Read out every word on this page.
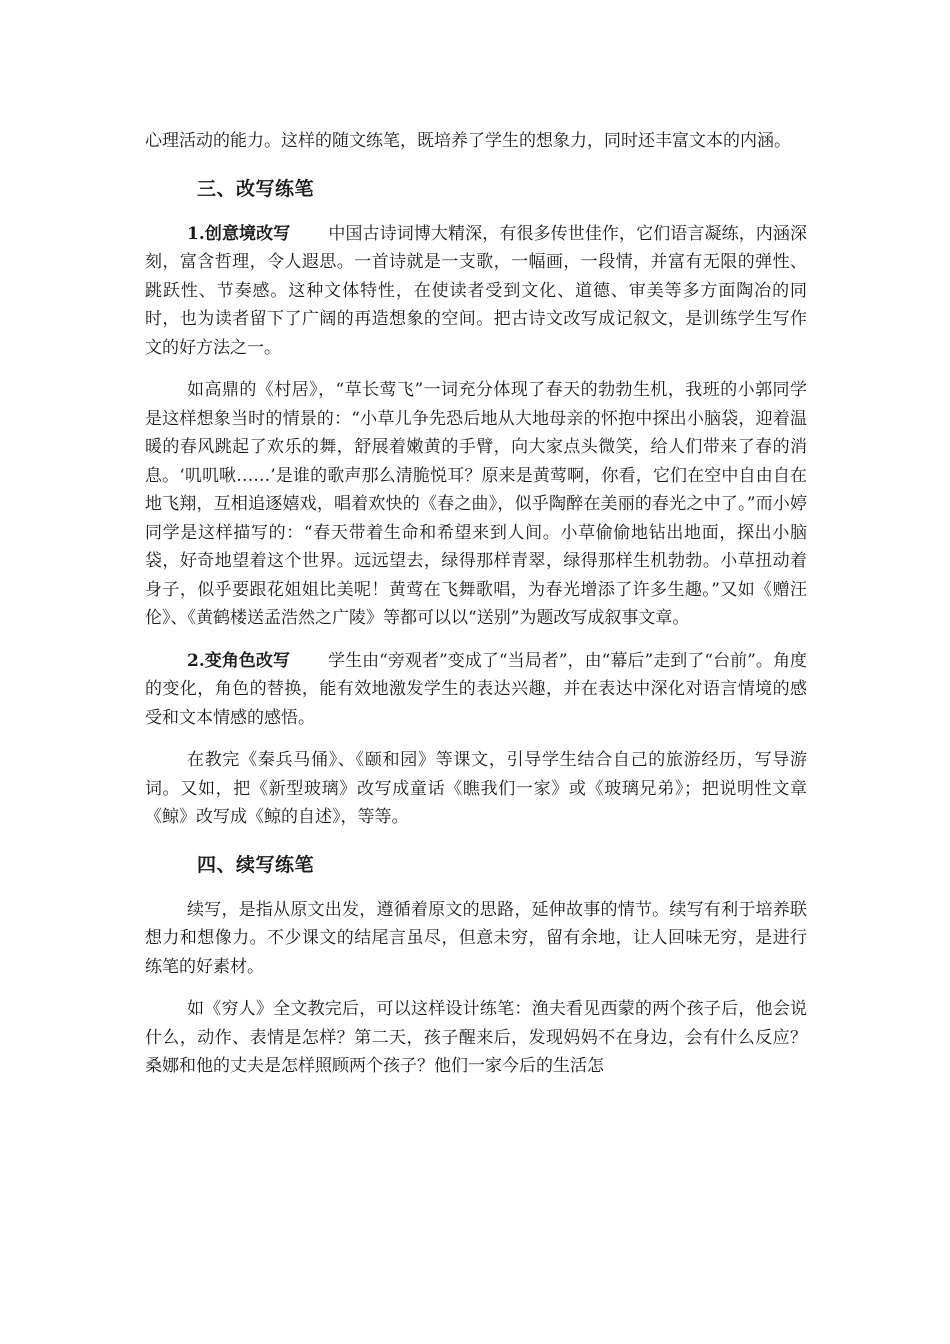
心理活动的能力。这样的随文练笔，既培养了学生的想象力，同时还丰富文本的内涵。

三、改写练笔

1.创意境改写 中国古诗词博大精深，有很多传世佳作，它们语言凝练，内涵深刻，富含哲理，令人遐思。一首诗就是一支歌，一幅画，一段情，并富有无限的弹性、跳跃性、节奏感。这种文体特性，在使读者受到文化、道德、审美等多方面陶冶的同时，也为读者留下了广阔的再造想象的空间。把古诗文改写成记叙文，是训练学生写作文的好方法之一。

如高鼎的《村居》，“草长莺飞”一词充分体现了春天的勃勃生机，我班的小郭同学是这样想象当时的情景的：“小草儿争先恐后地从大地母亲的怀抱中探出小脑袋，迎着温暖的春风跳起了欢乐的舞，舒展着嫩黄的手臂，向大家点头微笑，给人们带来了春的消息。‘叽叽啾……’是谁的歌声那么清脆悦耳？原来是黄莺啊，你看，它们在空中自由自在地飞翔，互相追逐嬉戏，唱着欢快的《春之曲》，似乎陶醉在美丽的春光之中了。”而小婷同学是这样描写的：“春天带着生命和希望来到人间。小草偷偷地钻出地面，探出小脑袋，好奇地望着这个世界。远远望去，绿得那样青翠，绿得那样生机勃勃。小草扭动着身子，似乎要跟花姐姐比美呢！黄莺在飞舞歌唱，为春光增添了许多生趣。”又如《赠汪伦》、《黄鹤楼送孟浩然之广陵》等都可以以“送别”为题改写成叙事文章。

2.变角色改写 学生由“旁观者”变成了“当局者”，由“幕后”走到了“台前”。角度的变化，角色的替换，能有效地激发学生的表达兴趣，并在表达中深化对语言情境的感受和文本情感的感悟。

在教完《秦兵马俑》、《颐和园》等课文，引导学生结合自己的旅游经历，写导游词。又如，把《新型玻璃》改写成童话《瞧我们一家》或《玻璃兄弟》；把说明性文章《鲸》改写成《鲸的自述》，等等。

四、续写练笔

续写，是指从原文出发，遵循着原文的思路，延伸故事的情节。续写有利于培养联想力和想像力。不少课文的结尾言虽尽，但意未穷，留有余地，让人回味无穷，是进行练笔的好素材。

如《穷人》全文教完后，可以这样设计练笔：渔夫看见西蒙的两个孩子后，他会说什么，动作、表情是怎样？第二天，孩子醒来后，发现妈妈不在身边，会有什么反应？桑娜和他的丈夫是怎样照顾两个孩子？他们一家今后的生活怎
